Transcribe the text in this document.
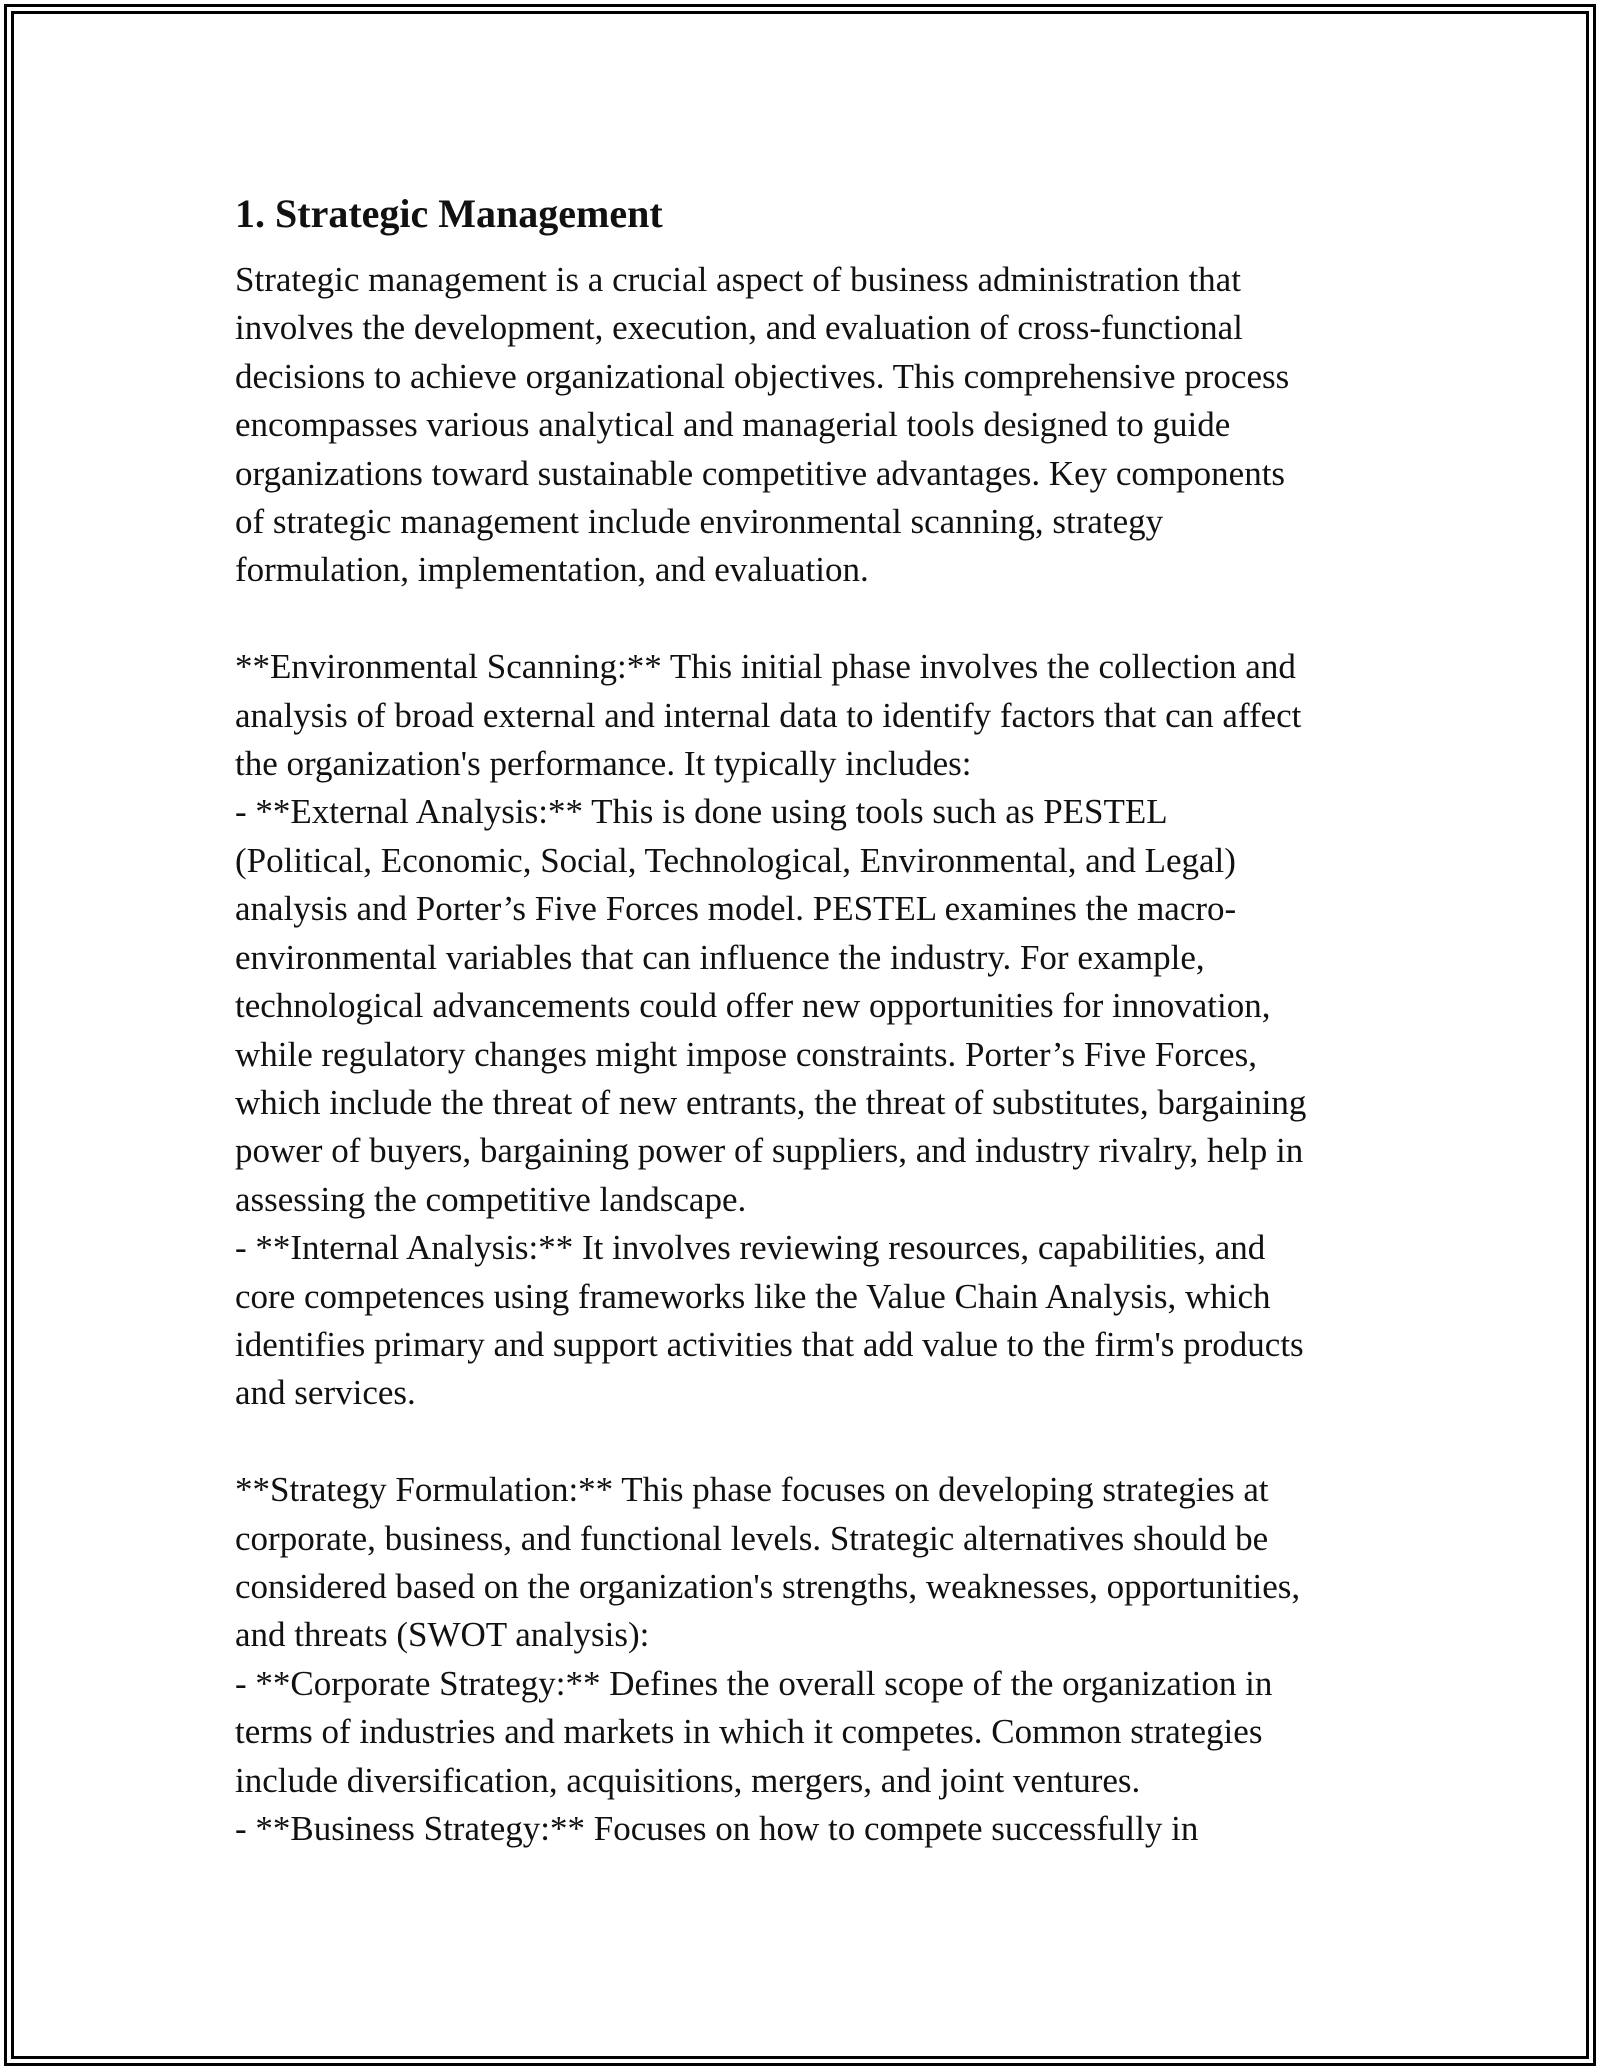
1. Strategic Management
Strategic management is a crucial aspect of business administration that
involves the development, execution, and evaluation of cross-functional
decisions to achieve organizational objectives. This comprehensive process
encompasses various analytical and managerial tools designed to guide
organizations toward sustainable competitive advantages. Key components
of strategic management include environmental scanning, strategy
formulation, implementation, and evaluation.

**Environmental Scanning:** This initial phase involves the collection and
analysis of broad external and internal data to identify factors that can affect
the organization's performance. It typically includes:
- **External Analysis:** This is done using tools such as PESTEL
(Political, Economic, Social, Technological, Environmental, and Legal)
analysis and Porter’s Five Forces model. PESTEL examines the macro-
environmental variables that can influence the industry. For example,
technological advancements could offer new opportunities for innovation,
while regulatory changes might impose constraints. Porter’s Five Forces,
which include the threat of new entrants, the threat of substitutes, bargaining
power of buyers, bargaining power of suppliers, and industry rivalry, help in
assessing the competitive landscape.
- **Internal Analysis:** It involves reviewing resources, capabilities, and
core competences using frameworks like the Value Chain Analysis, which
identifies primary and support activities that add value to the firm's products
and services.

**Strategy Formulation:** This phase focuses on developing strategies at
corporate, business, and functional levels. Strategic alternatives should be
considered based on the organization's strengths, weaknesses, opportunities,
and threats (SWOT analysis):
- **Corporate Strategy:** Defines the overall scope of the organization in
terms of industries and markets in which it competes. Common strategies
include diversification, acquisitions, mergers, and joint ventures.
- **Business Strategy:** Focuses on how to compete successfully in
